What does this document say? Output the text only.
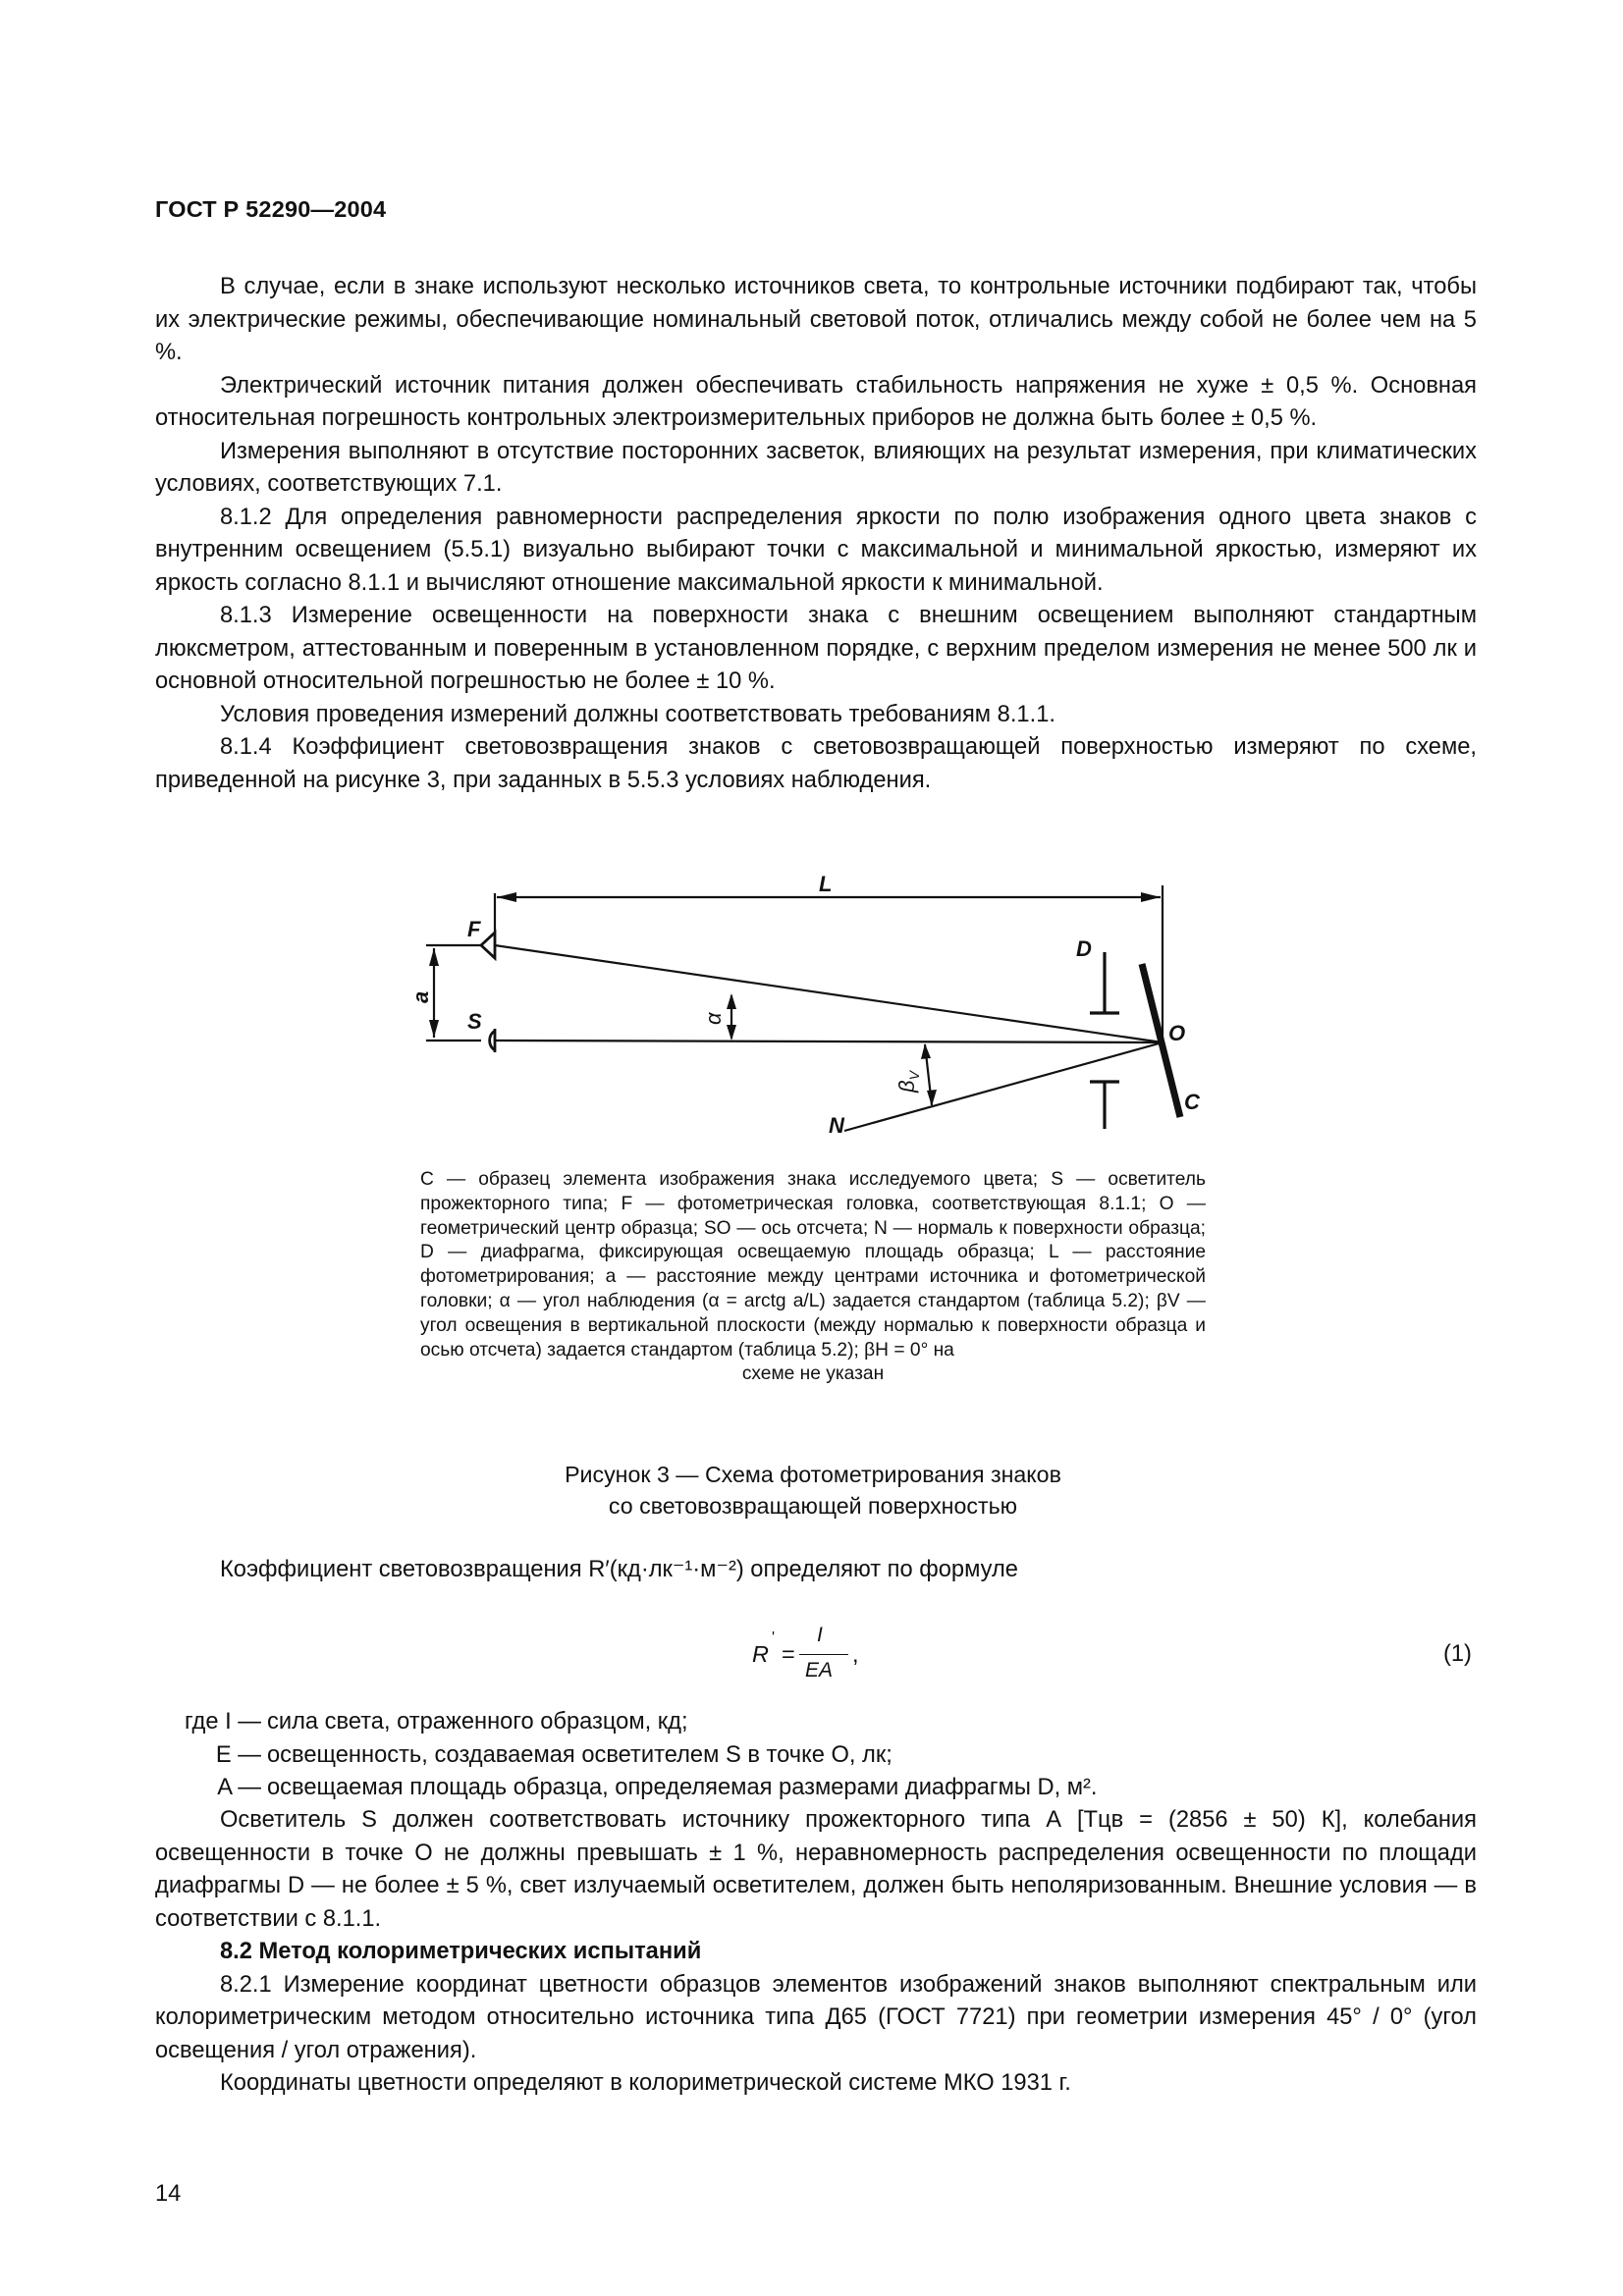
ГОСТ Р 52290—2004

В случае, если в знаке используют несколько источников света, то контрольные источники подбирают так, чтобы их электрические режимы, обеспечивающие номинальный световой поток, отличались между собой не более чем на 5 %.

Электрический источник питания должен обеспечивать стабильность напряжения не хуже ± 0,5 %. Основная относительная погрешность контрольных электроизмерительных приборов не должна быть более ± 0,5 %.

Измерения выполняют в отсутствие посторонних засветок, влияющих на результат измерения, при климатических условиях, соответствующих 7.1.

8.1.2 Для определения равномерности распределения яркости по полю изображения одного цвета знаков с внутренним освещением (5.5.1) визуально выбирают точки с максимальной и минимальной яркостью, измеряют их яркость согласно 8.1.1 и вычисляют отношение максимальной яркости к минимальной.

8.1.3 Измерение освещенности на поверхности знака с внешним освещением выполняют стандартным люксметром, аттестованным и поверенным в установленном порядке, с верхним пределом измерения не менее 500 лк и основной относительной погрешностью не более ± 10 %.

Условия проведения измерений должны соответствовать требованиям 8.1.1.

8.1.4 Коэффициент световозвращения знаков с световозвращающей поверхностью измеряют по схеме, приведенной на рисунке 3, при заданных в 5.5.3 условиях наблюдения.

L
F
S
a
α
D
O
C
N
$\beta_V$
C — образец элемента изображения знака исследуемого цвета; S — осветитель прожекторного типа; F — фотометрическая головка, соответствующая 8.1.1; O — геометрический центр образца; SO — ось отсчета; N — нормаль к поверхности образца; D — диафрагма, фиксирующая освещаемую площадь образца; L — расстояние фотометрирования; a — расстояние между центрами источника и фотометрической головки; α — угол наблюдения (α = arctg a/L) задается стандартом (таблица 5.2); βV — угол освещения в вертикальной плоскости (между нормалью к поверхности образца и осью отсчета) задается стандартом (таблица 5.2); βH = 0° на
схеме не указан
Рисунок 3 — Схема фотометрирования знаков
со световозвращающей поверхностью
Коэффициент световозвращения R′(кд·лк⁻¹·м⁻²) определяют по формуле
R
'
=
I
EA
,	(1)
где I — сила света, отраженного образцом, кд;
E — освещенность, создаваемая осветителем S в точке O, лк;
A — освещаемая площадь образца, определяемая размерами диафрагмы D, м².

Осветитель S должен соответствовать источнику прожекторного типа А [Tцв = (2856 ± 50) К], колебания освещенности в точке O не должны превышать ± 1 %, неравномерность распределения освещенности по площади диафрагмы D — не более ± 5 %, свет излучаемый осветителем, должен быть неполяризованным. Внешние условия — в соответствии с 8.1.1.

8.2 Метод колориметрических испытаний

8.2.1 Измерение координат цветности образцов элементов изображений знаков выполняют спектральным или колориметрическим методом относительно источника типа Д65 (ГОСТ 7721) при геометрии измерения 45° / 0° (угол освещения / угол отражения).

Координаты цветности определяют в колориметрической системе МКО 1931 г.

14
